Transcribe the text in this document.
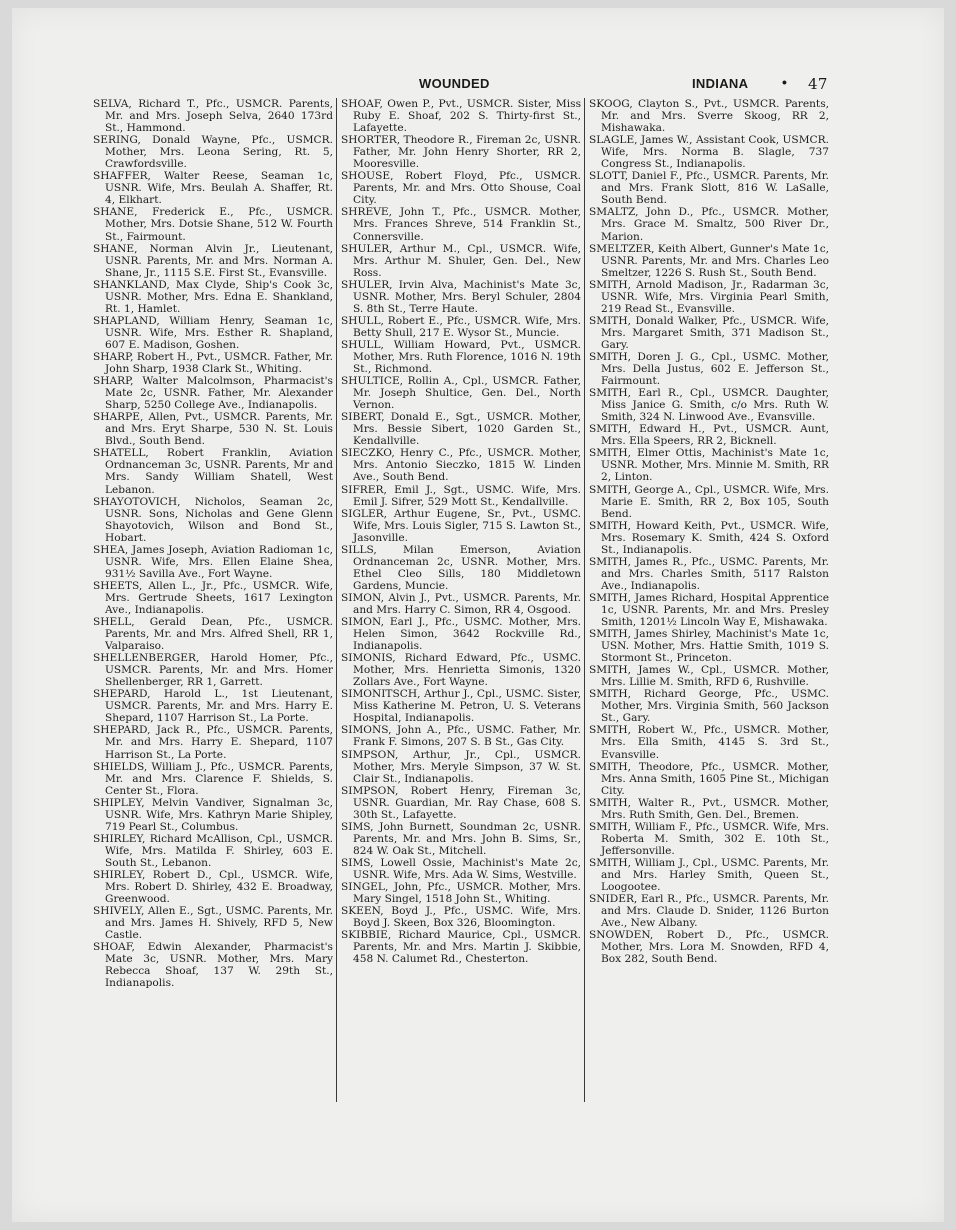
WOUNDED	INDIANA • 47

SELVA, Richard T., Pfc., USMCR. Parents, Mr. and Mrs. Joseph Selva, 2640 173rd St., Hammond.

SERING, Donald Wayne, Pfc., USMCR. Mother, Mrs. Leona Sering, Rt. 5, Crawfordsville.

SHAFFER, Walter Reese, Seaman 1c, USNR. Wife, Mrs. Beulah A. Shaffer, Rt. 4, Elkhart.

SHANE, Frederick E., Pfc., USMCR. Mother, Mrs. Dotsie Shane, 512 W. Fourth St., Fairmount.

SHANE, Norman Alvin Jr., Lieutenant, USNR. Parents, Mr. and Mrs. Norman A. Shane, Jr., 1115 S.E. First St., Evansville.

SHANKLAND, Max Clyde, Ship's Cook 3c, USNR. Mother, Mrs. Edna E. Shankland, Rt. 1, Hamlet.

SHAPLAND, William Henry, Seaman 1c, USNR. Wife, Mrs. Esther R. Shapland, 607 E. Madison, Goshen.

SHARP, Robert H., Pvt., USMCR. Father, Mr. John Sharp, 1938 Clark St., Whiting.

SHARP, Walter Malcolmson, Pharmacist's Mate 2c, USNR. Father, Mr. Alexander Sharp, 5250 College Ave., Indianapolis.

SHARPE, Allen, Pvt., USMCR. Parents, Mr. and Mrs. Eryt Sharpe, 530 N. St. Louis Blvd., South Bend.

SHATELL, Robert Franklin, Aviation Ordnanceman 3c, USNR. Parents, Mr and Mrs. Sandy William Shatell, West Lebanon.

SHAYOTOVICH, Nicholos, Seaman 2c, USNR. Sons, Nicholas and Gene Glenn Shayotovich, Wilson and Bond St., Hobart.

SHEA, James Joseph, Aviation Radioman 1c, USNR. Wife, Mrs. Ellen Elaine Shea, 931½ Savilla Ave., Fort Wayne.

SHEETS, Allen L., Jr., Pfc., USMCR. Wife, Mrs. Gertrude Sheets, 1617 Lexington Ave., Indianapolis.

SHELL, Gerald Dean, Pfc., USMCR. Parents, Mr. and Mrs. Alfred Shell, RR 1, Valparaiso.

SHELLENBERGER, Harold Homer, Pfc., USMCR. Parents, Mr. and Mrs. Homer Shellenberger, RR 1, Garrett.

SHEPARD, Harold L., 1st Lieutenant, USMCR. Parents, Mr. and Mrs. Harry E. Shepard, 1107 Harrison St., La Porte.

SHEPARD, Jack R., Pfc., USMCR. Parents, Mr. and Mrs. Harry E. Shepard, 1107 Harrison St., La Porte.

SHIELDS, William J., Pfc., USMCR. Parents, Mr. and Mrs. Clarence F. Shields, S. Center St., Flora.

SHIPLEY, Melvin Vandiver, Signalman 3c, USNR. Wife, Mrs. Kathryn Marie Shipley, 719 Pearl St., Columbus.

SHIRLEY, Richard McAllison, Cpl., USMCR. Wife, Mrs. Matilda F. Shirley, 603 E. South St., Lebanon.

SHIRLEY, Robert D., Cpl., USMCR. Wife, Mrs. Robert D. Shirley, 432 E. Broadway, Greenwood.

SHIVELY, Allen E., Sgt., USMC. Parents, Mr. and Mrs. James H. Shively, RFD 5, New Castle.

SHOAF, Edwin Alexander, Pharmacist's Mate 3c, USNR. Mother, Mrs. Mary Rebecca Shoaf, 137 W. 29th St., Indianapolis.

SHOAF, Owen P., Pvt., USMCR. Sister, Miss Ruby E. Shoaf, 202 S. Thirty-first St., Lafayette.

SHORTER, Theodore R., Fireman 2c, USNR. Father, Mr. John Henry Shorter, RR 2, Mooresville.

SHOUSE, Robert Floyd, Pfc., USMCR. Parents, Mr. and Mrs. Otto Shouse, Coal City.

SHREVE, John T., Pfc., USMCR. Mother, Mrs. Frances Shreve, 514 Franklin St., Connersville.

SHULER, Arthur M., Cpl., USMCR. Wife, Mrs. Arthur M. Shuler, Gen. Del., New Ross.

SHULER, Irvin Alva, Machinist's Mate 3c, USNR. Mother, Mrs. Beryl Schuler, 2804 S. 8th St., Terre Haute.

SHULL, Robert E., Pfc., USMCR. Wife, Mrs. Betty Shull, 217 E. Wysor St., Muncie.

SHULL, William Howard, Pvt., USMCR. Mother, Mrs. Ruth Florence, 1016 N. 19th St., Richmond.

SHULTICE, Rollin A., Cpl., USMCR. Father, Mr. Joseph Shultice, Gen. Del., North Vernon.

SIBERT, Donald E., Sgt., USMCR. Mother, Mrs. Bessie Sibert, 1020 Garden St., Kendallville.

SIECZKO, Henry C., Pfc., USMCR. Mother, Mrs. Antonio Sieczko, 1815 W. Linden Ave., South Bend.

SIFRER, Emil J., Sgt., USMC. Wife, Mrs. Emil J. Sifrer, 529 Mott St., Kendallville.

SIGLER, Arthur Eugene, Sr., Pvt., USMC. Wife, Mrs. Louis Sigler, 715 S. Lawton St., Jasonville.

SILLS, Milan Emerson, Aviation Ordnanceman 2c, USNR. Mother, Mrs. Ethel Cleo Sills, 180 Middletown Gardens, Muncie.

SIMON, Alvin J., Pvt., USMCR. Parents, Mr. and Mrs. Harry C. Simon, RR 4, Osgood.

SIMON, Earl J., Pfc., USMC. Mother, Mrs. Helen Simon, 3642 Rockville Rd., Indianapolis.

SIMONIS, Richard Edward, Pfc., USMC. Mother, Mrs. Henrietta Simonis, 1320 Zollars Ave., Fort Wayne.

SIMONITSCH, Arthur J., Cpl., USMC. Sister, Miss Katherine M. Petron, U. S. Veterans Hospital, Indianapolis.

SIMONS, John A., Pfc., USMC. Father, Mr. Frank F. Simons, 207 S. B St., Gas City.

SIMPSON, Arthur, Jr., Cpl., USMCR. Mother, Mrs. Meryle Simpson, 37 W. St. Clair St., Indianapolis.

SIMPSON, Robert Henry, Fireman 3c, USNR. Guardian, Mr. Ray Chase, 608 S. 30th St., Lafayette.

SIMS, John Burnett, Soundman 2c, USNR. Parents, Mr. and Mrs. John B. Sims, Sr., 824 W. Oak St., Mitchell.

SIMS, Lowell Ossie, Machinist's Mate 2c, USNR. Wife, Mrs. Ada W. Sims, Westville.

SINGEL, John, Pfc., USMCR. Mother, Mrs. Mary Singel, 1518 John St., Whiting.

SKEEN, Boyd J., Pfc., USMC. Wife, Mrs. Boyd J. Skeen, Box 326, Bloomington.

SKIBBIE, Richard Maurice, Cpl., USMCR. Parents, Mr. and Mrs. Martin J. Skibbie, 458 N. Calumet Rd., Chesterton.

SKOOG, Clayton S., Pvt., USMCR. Parents, Mr. and Mrs. Sverre Skoog, RR 2, Mishawaka.

SLAGLE, James W., Assistant Cook, USMCR. Wife, Mrs. Norma B. Slagle, 737 Congress St., Indianapolis.

SLOTT, Daniel F., Pfc., USMCR. Parents, Mr. and Mrs. Frank Slott, 816 W. LaSalle, South Bend.

SMALTZ, John D., Pfc., USMCR. Mother, Mrs. Grace M. Smaltz, 500 River Dr., Marion.

SMELTZER, Keith Albert, Gunner's Mate 1c, USNR. Parents, Mr. and Mrs. Charles Leo Smeltzer, 1226 S. Rush St., South Bend.

SMITH, Arnold Madison, Jr., Radarman 3c, USNR. Wife, Mrs. Virginia Pearl Smith, 219 Read St., Evansville.

SMITH, Donald Walker, Pfc., USMCR. Wife, Mrs. Margaret Smith, 371 Madison St., Gary.

SMITH, Doren J. G., Cpl., USMC. Mother, Mrs. Della Justus, 602 E. Jefferson St., Fairmount.

SMITH, Earl R., Cpl., USMCR. Daughter, Miss Janice G. Smith, c/o Mrs. Ruth W. Smith, 324 N. Linwood Ave., Evansville.

SMITH, Edward H., Pvt., USMCR. Aunt, Mrs. Ella Speers, RR 2, Bicknell.

SMITH, Elmer Ottis, Machinist's Mate 1c, USNR. Mother, Mrs. Minnie M. Smith, RR 2, Linton.

SMITH, George A., Cpl., USMCR. Wife, Mrs. Marie E. Smith, RR 2, Box 105, South Bend.

SMITH, Howard Keith, Pvt., USMCR. Wife, Mrs. Rosemary K. Smith, 424 S. Oxford St., Indianapolis.

SMITH, James R., Pfc., USMC. Parents, Mr. and Mrs. Charles Smith, 5117 Ralston Ave., Indianapolis.

SMITH, James Richard, Hospital Apprentice 1c, USNR. Parents, Mr. and Mrs. Presley Smith, 1201½ Lincoln Way E, Mishawaka.

SMITH, James Shirley, Machinist's Mate 1c, USN. Mother, Mrs. Hattie Smith, 1019 S. Stormont St., Princeton.

SMITH, James W., Cpl., USMCR. Mother, Mrs. Lillie M. Smith, RFD 6, Rushville.

SMITH, Richard George, Pfc., USMC. Mother, Mrs. Virginia Smith, 560 Jackson St., Gary.

SMITH, Robert W., Pfc., USMCR. Mother, Mrs. Ella Smith, 4145 S. 3rd St., Evansville.

SMITH, Theodore, Pfc., USMCR. Mother, Mrs. Anna Smith, 1605 Pine St., Michigan City.

SMITH, Walter R., Pvt., USMCR. Mother, Mrs. Ruth Smith, Gen. Del., Bremen.

SMITH, William F., Pfc., USMCR. Wife, Mrs. Roberta M. Smith, 302 E. 10th St., Jeffersonville.

SMITH, William J., Cpl., USMC. Parents, Mr. and Mrs. Harley Smith, Queen St., Loogootee.

SNIDER, Earl R., Pfc., USMCR. Parents, Mr. and Mrs. Claude D. Snider, 1126 Burton Ave., New Albany.

SNOWDEN, Robert D., Pfc., USMCR. Mother, Mrs. Lora M. Snowden, RFD 4, Box 282, South Bend.
